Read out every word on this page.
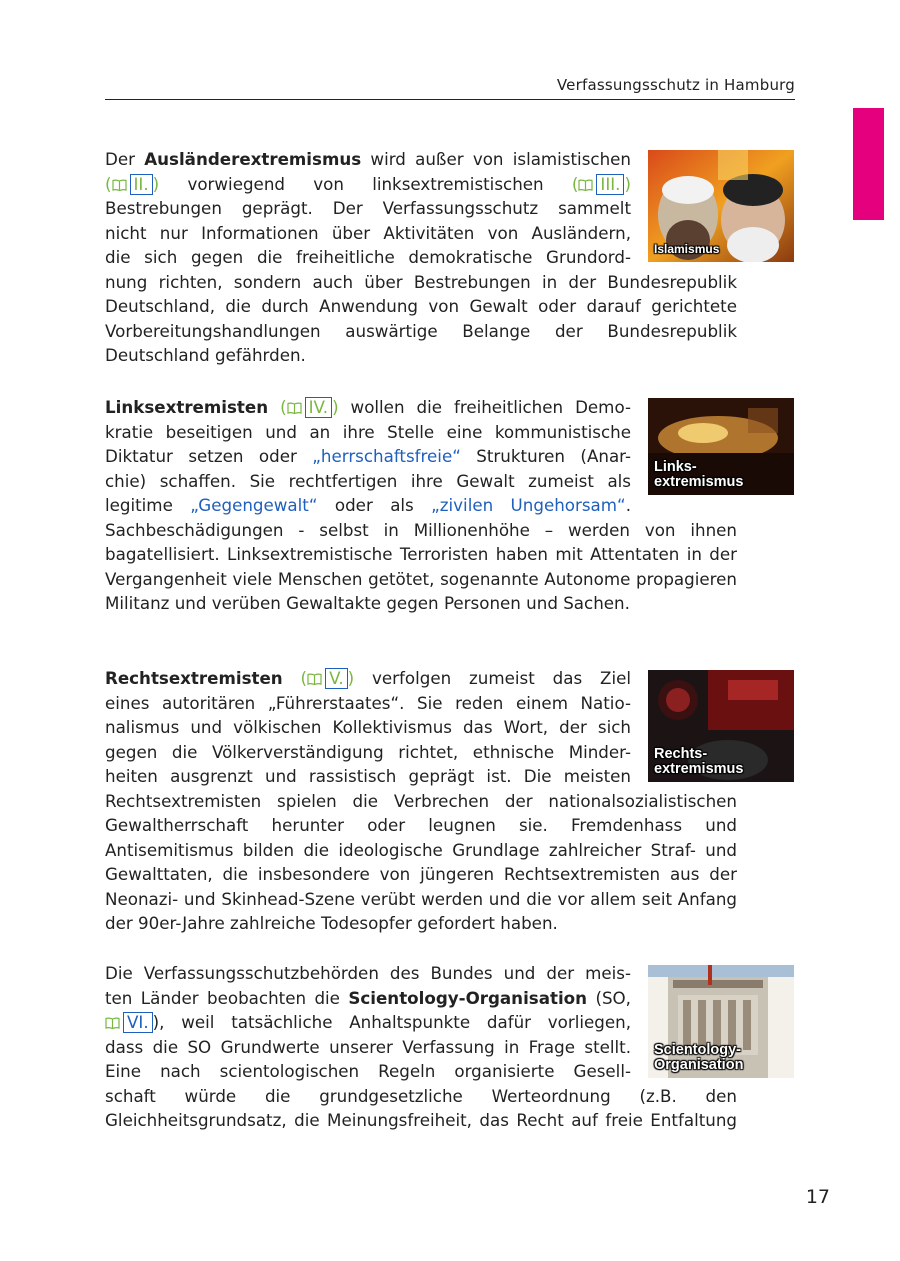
Verfassungsschutz in Hamburg

Der Ausländerextremismus wird außer von islamistischen

( II. ) vorwiegend von linksextremistischen ( III. )

Bestrebungen geprägt. Der Verfassungsschutz sammelt

nicht nur Informationen über Aktivitäten von Ausländern,

die sich gegen die freiheitliche demokratische Grundord -

nung richten, sondern auch über Bestrebungen in der Bundesrepublik Deutschland, die durch Anwendung von Gewalt oder darauf gerichtete Vorbereitungshandlungen auswärtige Belange der Bundesrepublik Deutschland gefährden.

Islamismus

Linksextremisten ( IV. ) wollen die freiheitlichen Demo -

kratie beseitigen und an ihre Stelle eine kommunistische

Diktatur setzen oder „herrschaftsfreie“ Strukturen (Anar -

chie) schaffen. Sie rechtfertigen ihre Gewalt zumeist als

legitime „Gegengewalt“ oder als „zivilen Ungehorsam“.

Sachbeschädigungen - selbst in Millionenhöhe – werden von ihnen bagatellisiert. Linksextremistische Terroristen haben mit Attentaten in der Vergangenheit viele Menschen getötet, sogenannte Autonome propagieren Militanz und verüben Gewaltakte gegen Personen und Sachen.

Links-
extremismus

Rechtsextremisten ( V. ) verfolgen zumeist das Ziel

eines autoritären „Führerstaates“. Sie reden einem Natio -

nalismus und völkischen Kollektivismus das Wort, der sich

gegen die Völkerverständigung richtet, ethnische Minder -

heiten ausgrenzt und rassistisch geprägt ist. Die meisten

Rechtsextremisten spielen die Verbrechen der nationalsozialistischen Gewaltherrschaft herunter oder leugnen sie. Fremdenhass und Antisemitismus bilden die ideologische Grundlage zahlreicher Straf- und Gewalttaten, die insbesondere von jüngeren Rechtsextremisten aus der Neonazi- und Skinhead-Szene verübt werden und die vor allem seit Anfang der 90er-Jahre zahlreiche Todesopfer gefordert haben.

Rechts-
extremismus

Die Verfassungsschutzbehörden des Bundes und der meis -

ten Länder beobachten die Scientology-Organisation (SO,

VI. ), weil tatsächliche Anhaltspunkte dafür vorliegen,

dass die SO Grundwerte unserer Verfassung in Frage stellt.

Eine nach scientologischen Regeln organisierte Gesell -

schaft würde die grundgesetzliche Werteordnung (z.B. den Gleichheitsgrundsatz, die Meinungsfreiheit, das Recht auf freie Entfaltung

Scientology-
Organisation
17
